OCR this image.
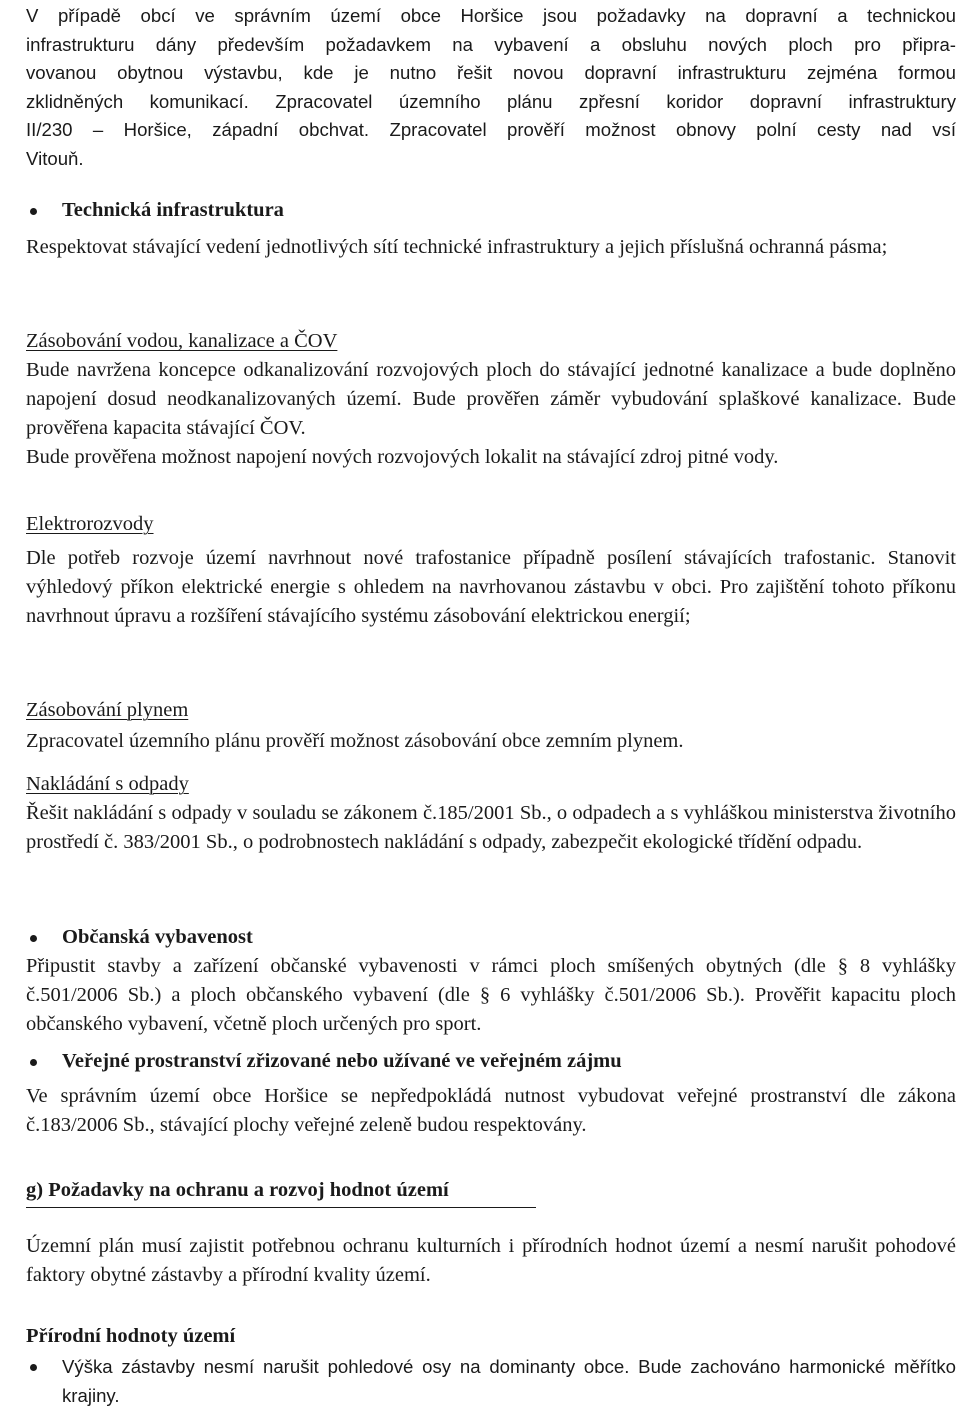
V případě obcí ve správním území obce Horšice jsou požadavky na dopravní a technickou
infrastrukturu dány především požadavkem na vybavení a obsluhu nových ploch pro připra-
vovanou obytnou výstavbu, kde je nutno řešit novou dopravní infrastrukturu zejména formou
zklidněných komunikací. Zpracovatel územního plánu zpřesní koridor dopravní infrastruktury
II/230 – Horšice, západní obchvat. Zpracovatel prověří možnost obnovy polní cesty nad vsí
Vitouň.
Technická infrastruktura

Respektovat stávající vedení jednotlivých sítí technické infrastruktury a jejich příslušná ochranná pásma;

Zásobování vodou, kanalizace a ČOV

Bude navržena koncepce odkanalizování rozvojových ploch do stávající jednotné kanalizace a bude doplněno napojení dosud neodkanalizovaných území. Bude prověřen záměr vybudování splaškové kanalizace. Bude prověřena kapacita stávající ČOV.

Bude prověřena možnost napojení nových rozvojových lokalit na stávající zdroj pitné vody.

Elektrorozvody

Dle potřeb rozvoje území navrhnout nové trafostanice případně posílení stávajících trafostanic. Stanovit výhledový příkon elektrické energie s ohledem na navrhovanou zástavbu v obci. Pro zajištění tohoto příkonu navrhnout úpravu a rozšíření stávajícího systému zásobování elektrickou energií;

Zásobování plynem

Zpracovatel územního plánu prověří možnost zásobování obce zemním plynem.

Nakládání s odpady

Řešit nakládání s odpady v souladu se zákonem č.185/2001 Sb., o odpadech a s vyhláškou ministerstva životního prostředí č. 383/2001 Sb., o podrobnostech nakládání s odpady, zabezpečit ekologické třídění odpadu.

Občanská vybavenost

Připustit stavby a zařízení občanské vybavenosti v rámci ploch smíšených obytných (dle § 8 vyhlášky č.501/2006 Sb.) a ploch občanského vybavení (dle § 6 vyhlášky č.501/2006 Sb.). Prověřit kapacitu ploch občanského vybavení, včetně ploch určených pro sport.

Veřejné prostranství zřizované nebo užívané ve veřejném zájmu

Ve správním území obce Horšice se nepředpokládá nutnost vybudovat veřejné prostranství dle zákona č.183/2006 Sb., stávající plochy veřejné zeleně budou respektovány.

g) Požadavky na ochranu a rozvoj hodnot území

Územní plán musí zajistit potřebnou ochranu kulturních i přírodních hodnot území a nesmí narušit pohodové faktory obytné zástavby a přírodní kvality území.

Přírodní hodnoty území

Výška zástavby nesmí narušit pohledové osy na dominanty obce. Bude zachováno harmonické měřítko krajiny.
